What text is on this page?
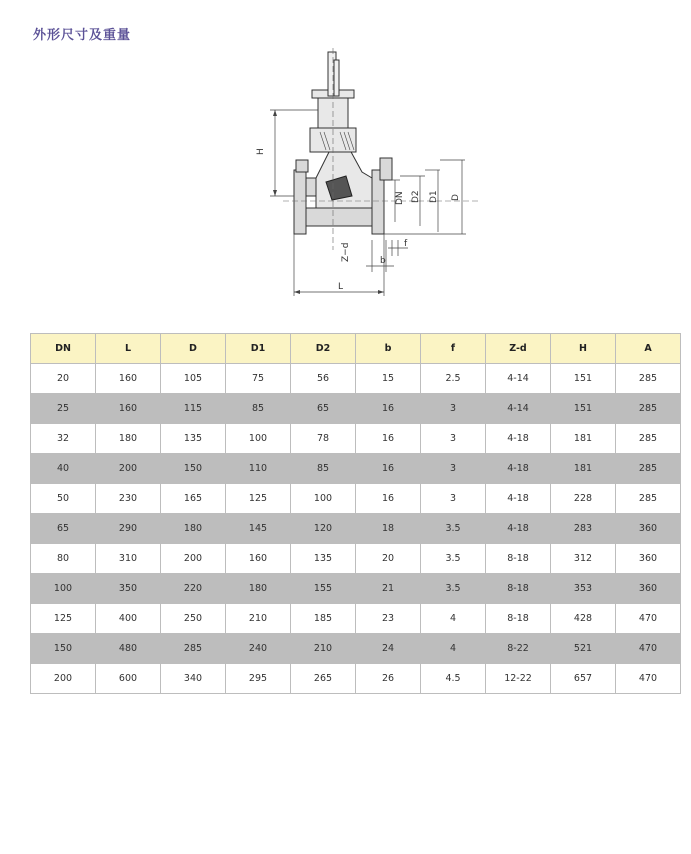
外形尺寸及重量
H
DN D2 D1 D
f
b
Z−d
L
DN	L	D	D1	D2	b	f	Z-d	H	A
20	160	105	75	56	15	2.5	4-14	151	285
25	160	115	85	65	16	3	4-14	151	285
32	180	135	100	78	16	3	4-18	181	285
40	200	150	110	85	16	3	4-18	181	285
50	230	165	125	100	16	3	4-18	228	285
65	290	180	145	120	18	3.5	4-18	283	360
80	310	200	160	135	20	3.5	8-18	312	360
100	350	220	180	155	21	3.5	8-18	353	360
125	400	250	210	185	23	4	8-18	428	470
150	480	285	240	210	24	4	8-22	521	470
200	600	340	295	265	26	4.5	12-22	657	470
